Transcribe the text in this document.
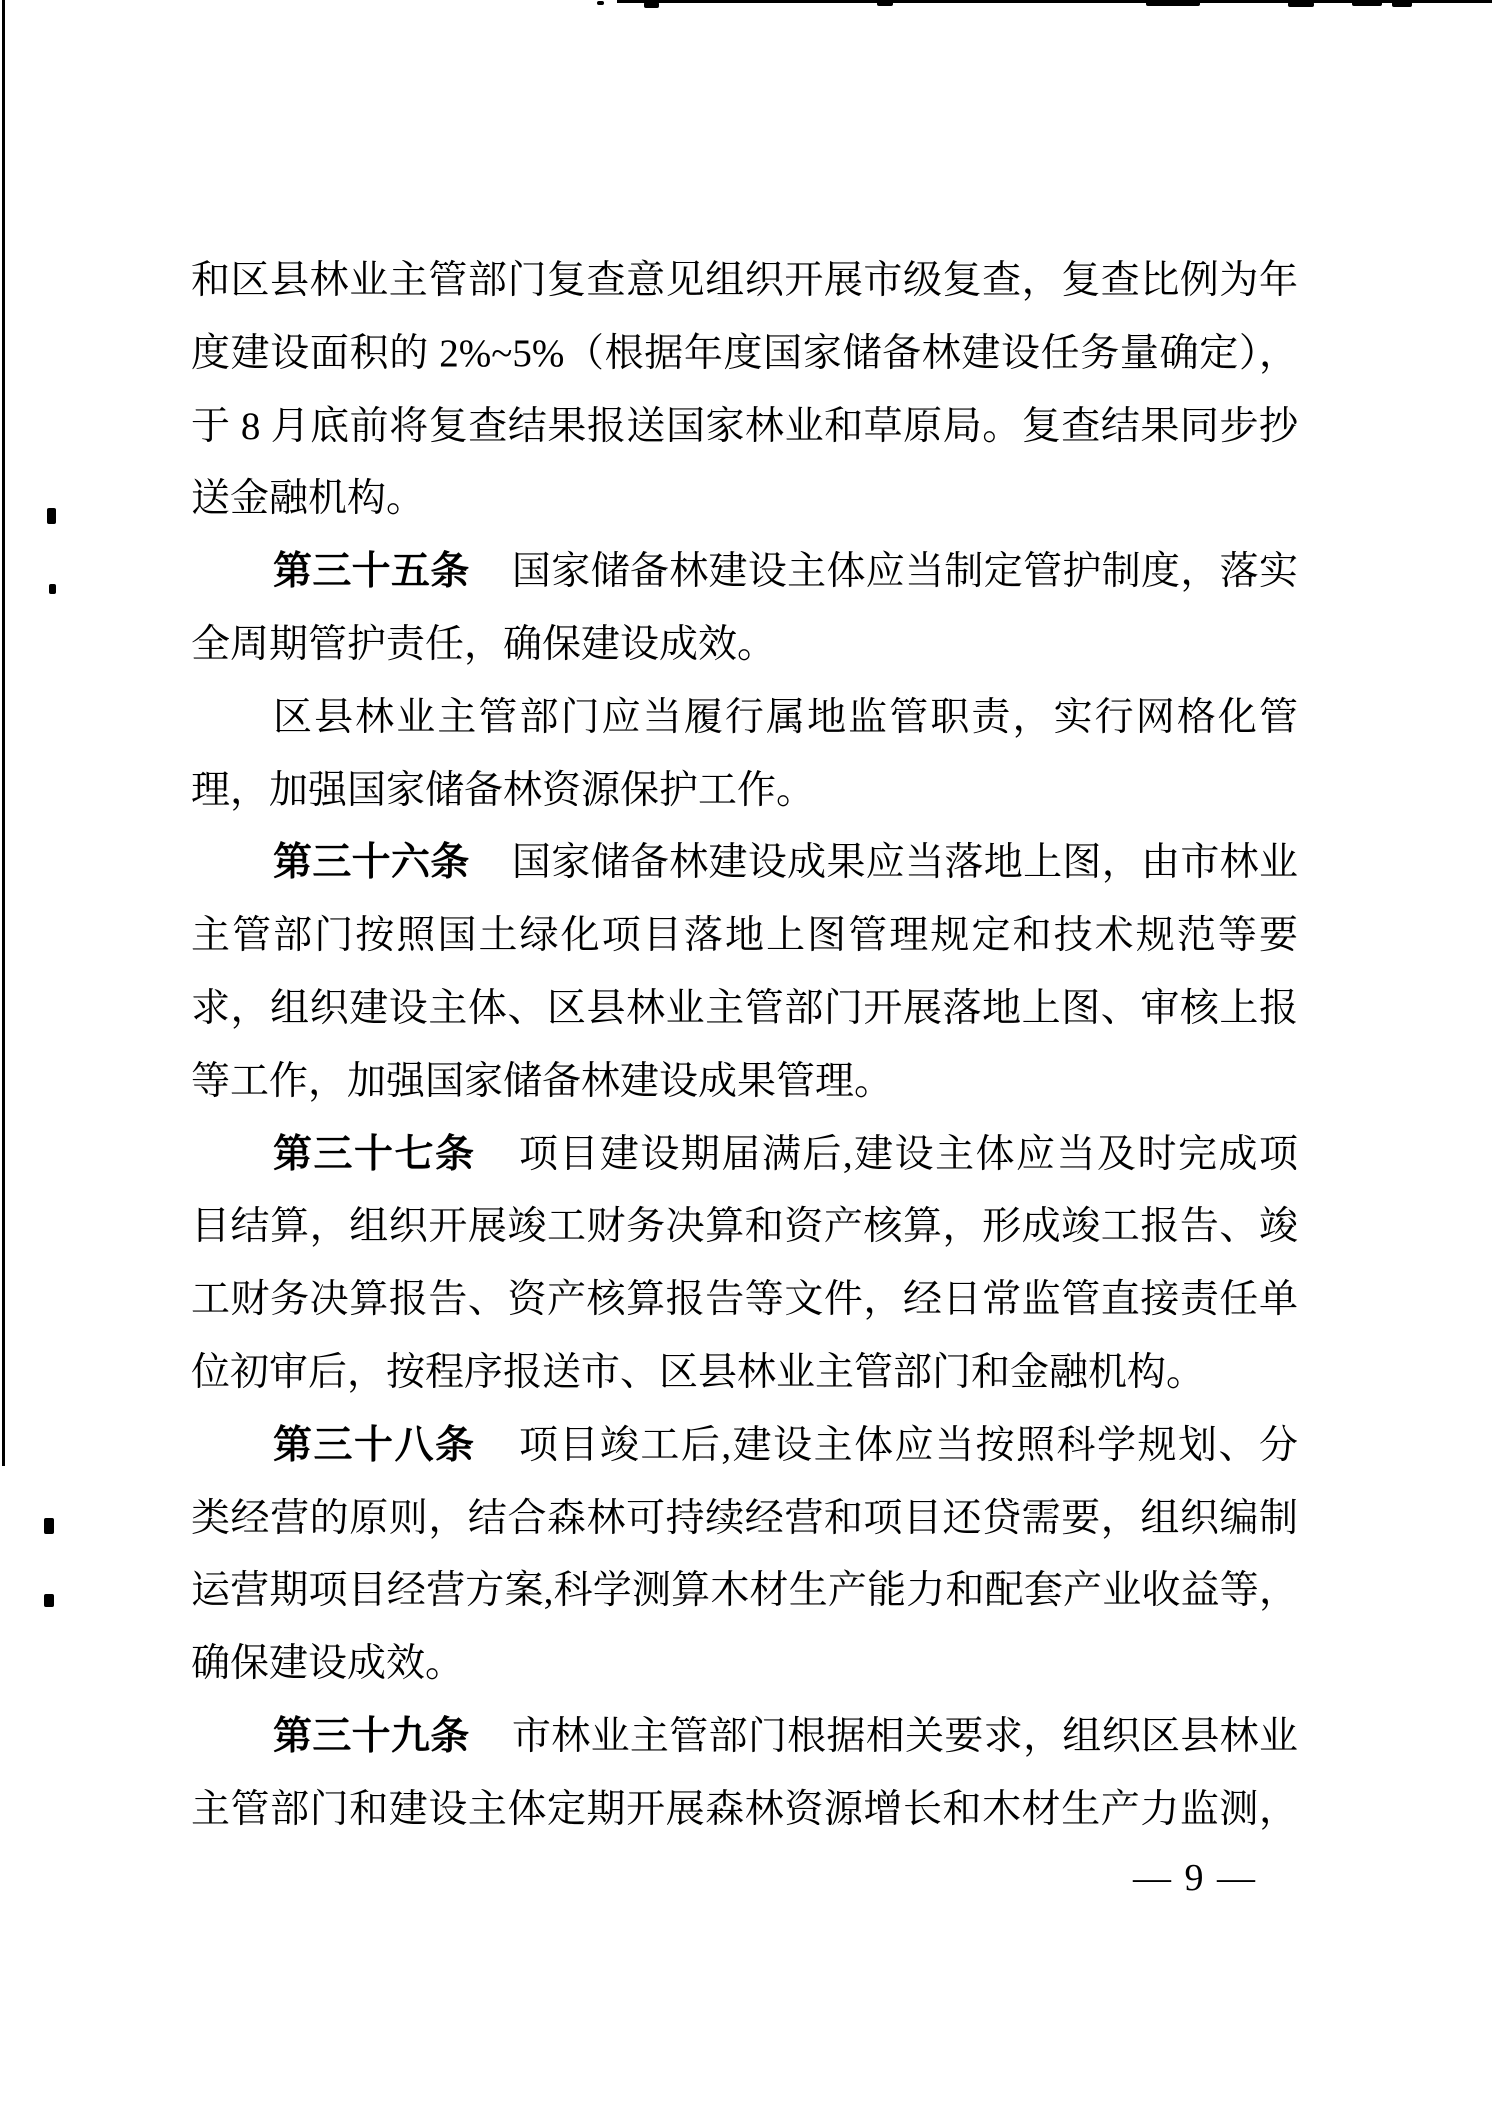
和区县林业主管部门复查意见组织开展市级复查，复查比例为年
度建设面积的 2%~5%（根据年度国家储备林建设任务量确定），
于 8 月底前将复查结果报送国家林业和草原局。复查结果同步抄
送金融机构。
第三十五条 国家储备林建设主体应当制定管护制度，落实
全周期管护责任，确保建设成效。
区县林业主管部门应当履行属地监管职责，实行网格化管
理，加强国家储备林资源保护工作。
第三十六条 国家储备林建设成果应当落地上图，由市林业
主管部门按照国土绿化项目落地上图管理规定和技术规范等要
求，组织建设主体、区县林业主管部门开展落地上图、审核上报
等工作，加强国家储备林建设成果管理。
第三十七条 项目建设期届满后,建设主体应当及时完成项
目结算，组织开展竣工财务决算和资产核算，形成竣工报告、竣
工财务决算报告、资产核算报告等文件，经日常监管直接责任单
位初审后，按程序报送市、区县林业主管部门和金融机构。
第三十八条 项目竣工后,建设主体应当按照科学规划、分
类经营的原则，结合森林可持续经营和项目还贷需要，组织编制
运营期项目经营方案,科学测算木材生产能力和配套产业收益等，
确保建设成效。
第三十九条 市林业主管部门根据相关要求，组织区县林业
主管部门和建设主体定期开展森林资源增长和木材生产力监测，
— 9 —
